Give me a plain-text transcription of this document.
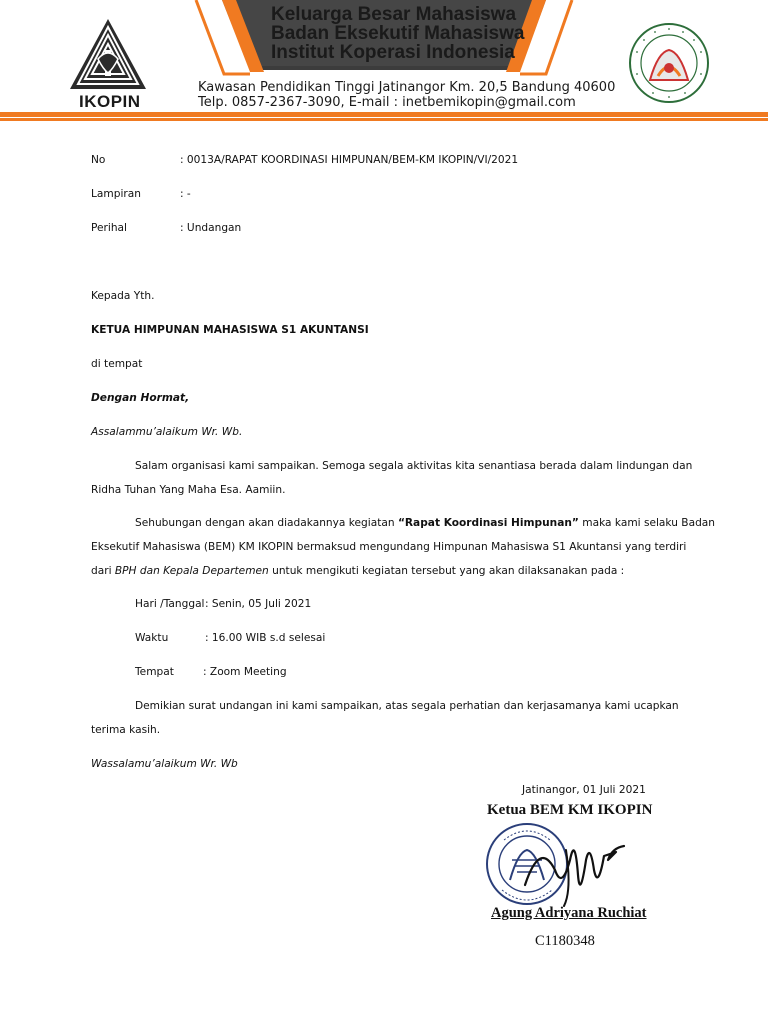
IKOPIN
Keluarga Besar Mahasiswa
Badan Eksekutif Mahasiswa
Institut Koperasi Indonesia
Kawasan Pendidikan Tinggi Jatinangor Km. 20,5 Bandung 40600
Telp. 0857-2367-3090, E-mail : inetbemikopin@gmail.com
No	: 0013A/RAPAT KOORDINASI HIMPUNAN/BEM-KM IKOPIN/VI/2021
Lampiran	: -
Perihal	: Undangan
Kepada Yth.
KETUA HIMPUNAN MAHASISWA S1 AKUNTANSI
di tempat
Dengan Hormat,
Assalammu’alaikum Wr. Wb.
Salam organisasi kami sampaikan. Semoga segala aktivitas kita senantiasa berada dalam lindungan dan
Ridha Tuhan Yang Maha Esa. Aamiin.
Sehubungan dengan akan diadakannya kegiatan “Rapat Koordinasi Himpunan” maka kami selaku Badan
Eksekutif Mahasiswa (BEM) KM IKOPIN bermaksud mengundang Himpunan Mahasiswa S1 Akuntansi yang terdiri
dari BPH dan Kepala Departemen untuk mengikuti kegiatan tersebut yang akan dilaksanakan pada :
Hari /Tanggal : Senin, 05 Juli 2021
Waktu	: 16.00 WIB s.d selesai
Tempat	: Zoom Meeting
Demikian surat undangan ini kami sampaikan, atas segala perhatian dan kerjasamanya kami ucapkan
terima kasih.
Wassalamu’alaikum Wr. Wb
Jatinangor, 01 Juli 2021
Ketua BEM KM IKOPIN
Agung Adriyana Ruchiat
C1180348
